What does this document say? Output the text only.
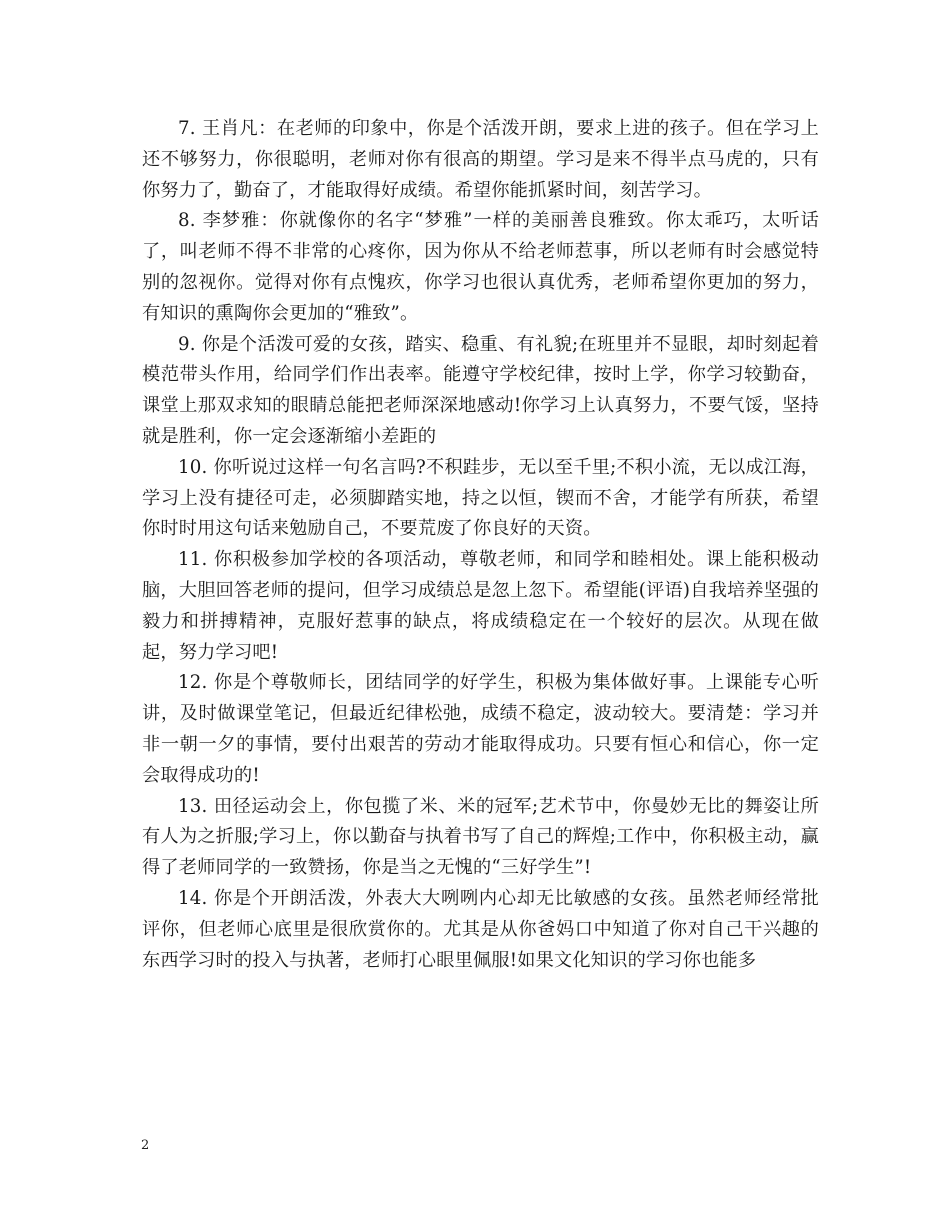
7. 王肖凡：在老师的印象中，你是个活泼开朗，要求上进的孩子。但在学习上还不够努力，你很聪明，老师对你有很高的期望。学习是来不得半点马虎的，只有你努力了，勤奋了，才能取得好成绩。希望你能抓紧时间，刻苦学习。

8. 李梦雅：你就像你的名字“梦雅”一样的美丽善良雅致。你太乖巧，太听话了，叫老师不得不非常的心疼你，因为你从不给老师惹事，所以老师有时会感觉特别的忽视你。觉得对你有点愧疚，你学习也很认真优秀，老师希望你更加的努力，有知识的熏陶你会更加的“雅致”。

9. 你是个活泼可爱的女孩，踏实、稳重、有礼貌;在班里并不显眼，却时刻起着模范带头作用，给同学们作出表率。能遵守学校纪律，按时上学，你学习较勤奋，课堂上那双求知的眼睛总能把老师深深地感动!你学习上认真努力，不要气馁，坚持就是胜利，你一定会逐渐缩小差距的

10. 你听说过这样一句名言吗?不积跬步，无以至千里;不积小流，无以成江海，学习上没有捷径可走，必须脚踏实地，持之以恒，锲而不舍，才能学有所获，希望你时时用这句话来勉励自己，不要荒废了你良好的天资。

11. 你积极参加学校的各项活动，尊敬老师，和同学和睦相处。课上能积极动脑，大胆回答老师的提问，但学习成绩总是忽上忽下。希望能(评语)自我培养坚强的毅力和拼搏精神，克服好惹事的缺点，将成绩稳定在一个较好的层次。从现在做起，努力学习吧!

12. 你是个尊敬师长，团结同学的好学生，积极为集体做好事。上课能专心听讲，及时做课堂笔记，但最近纪律松弛，成绩不稳定，波动较大。要清楚：学习并非一朝一夕的事情，要付出艰苦的劳动才能取得成功。只要有恒心和信心，你一定会取得成功的!

13. 田径运动会上，你包揽了米、米的冠军;艺术节中，你曼妙无比的舞姿让所有人为之折服;学习上，你以勤奋与执着书写了自己的辉煌;工作中，你积极主动，赢得了老师同学的一致赞扬，你是当之无愧的“三好学生”!

14. 你是个开朗活泼，外表大大咧咧内心却无比敏感的女孩。虽然老师经常批评你，但老师心底里是很欣赏你的。尤其是从你爸妈口中知道了你对自己干兴趣的东西学习时的投入与执著，老师打心眼里佩服!如果文化知识的学习你也能多

2
